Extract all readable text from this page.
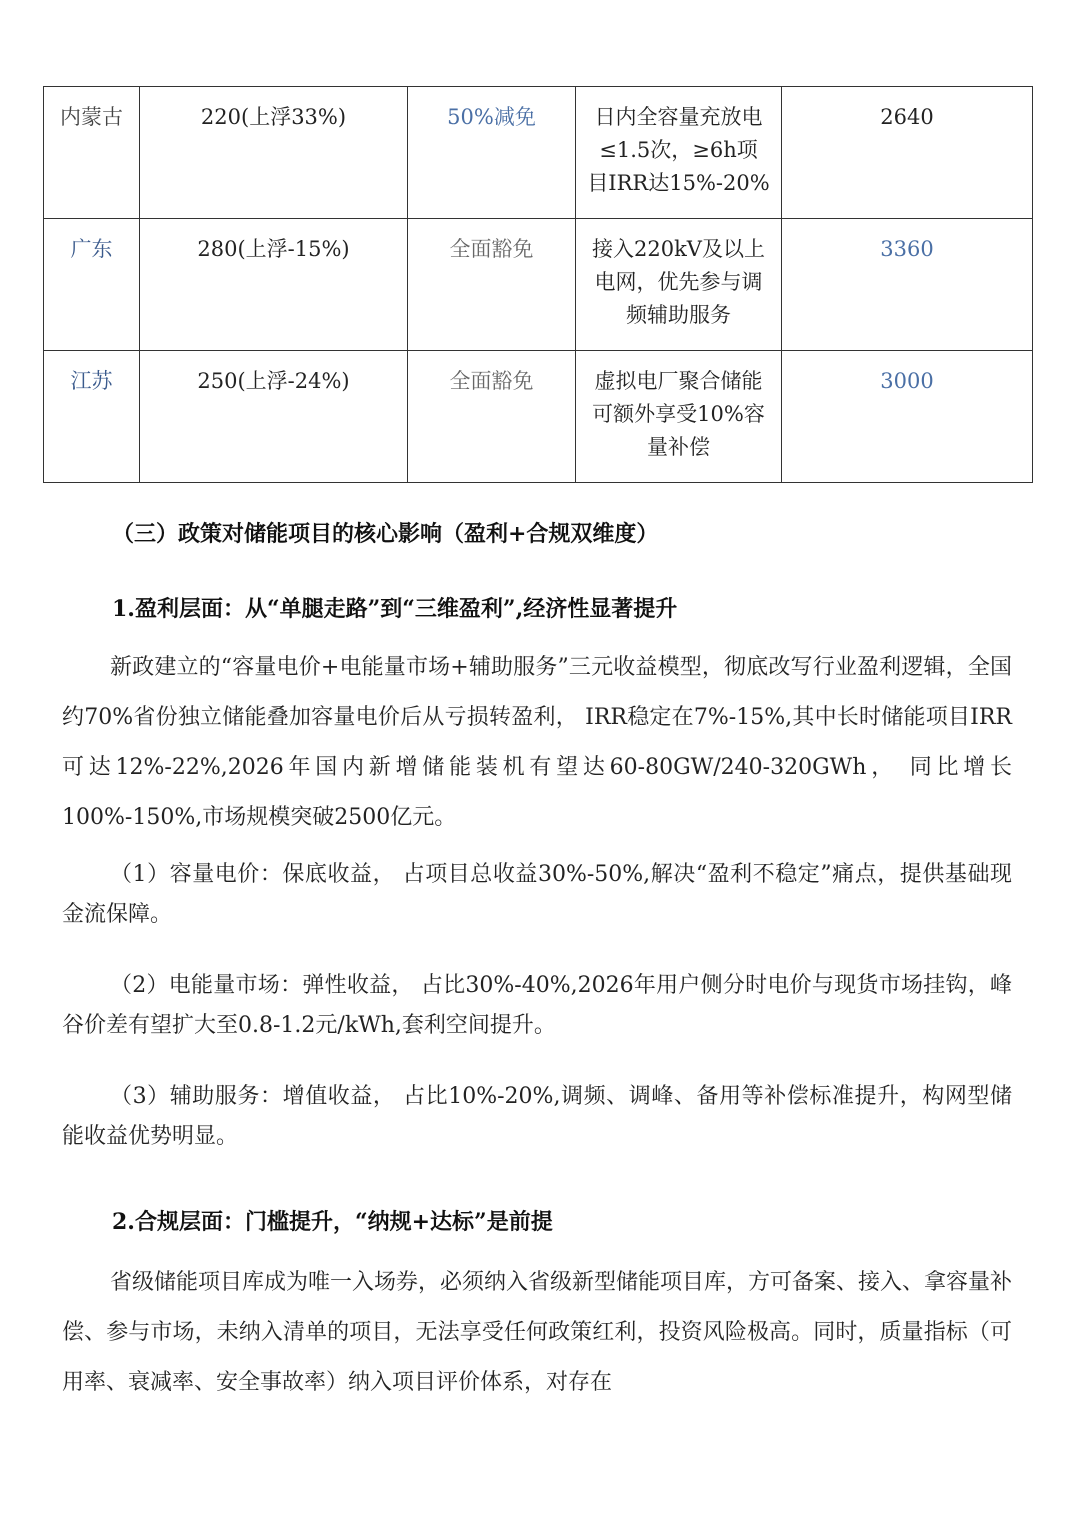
内蒙古	220(上浮33%)	50%减免	日内全容量充放电
≤1.5次，≥6h项
目IRR达15%-20%	2640
广东	280(上浮-15%)	全面豁免	接入220kV及以上
电网，优先参与调
频辅助服务	3360
江苏	250(上浮-24%)	全面豁免	虚拟电厂聚合储能
可额外享受10%容
量补偿	3000
（三）政策对储能项目的核心影响（盈利+合规双维度）
1.盈利层面：从“单腿走路”到“三维盈利”,经济性显著提升

新政建立的“容量电价+电能量市场+辅助服务”三元收益模型，彻底改写行业盈利逻辑，全国约70%省份独立储能叠加容量电价后从亏损转盈利， IRR稳定在7%-15%,其中长时储能项目IRR可达12%-22%,2026年国内新增储能装机有望达60-80GW/240-320GWh， 同比增长100%-150%,市场规模突破2500亿元。

（1）容量电价：保底收益， 占项目总收益30%-50%,解决“盈利不稳定”痛点，提供基础现金流保障。

（2）电能量市场：弹性收益， 占比30%-40%,2026年用户侧分时电价与现货市场挂钩，峰谷价差有望扩大至0.8-1.2元/kWh,套利空间提升。

（3）辅助服务：增值收益， 占比10%-20%,调频、调峰、备用等补偿标准提升，构网型储能收益优势明显。

2.合规层面：门槛提升，“纳规+达标”是前提

省级储能项目库成为唯一入场券，必须纳入省级新型储能项目库，方可备案、接入、拿容量补偿、参与市场，未纳入清单的项目，无法享受任何政策红利，投资风险极高。同时，质量指标（可用率、衰减率、安全事故率）纳入项目评价体系，对存在
